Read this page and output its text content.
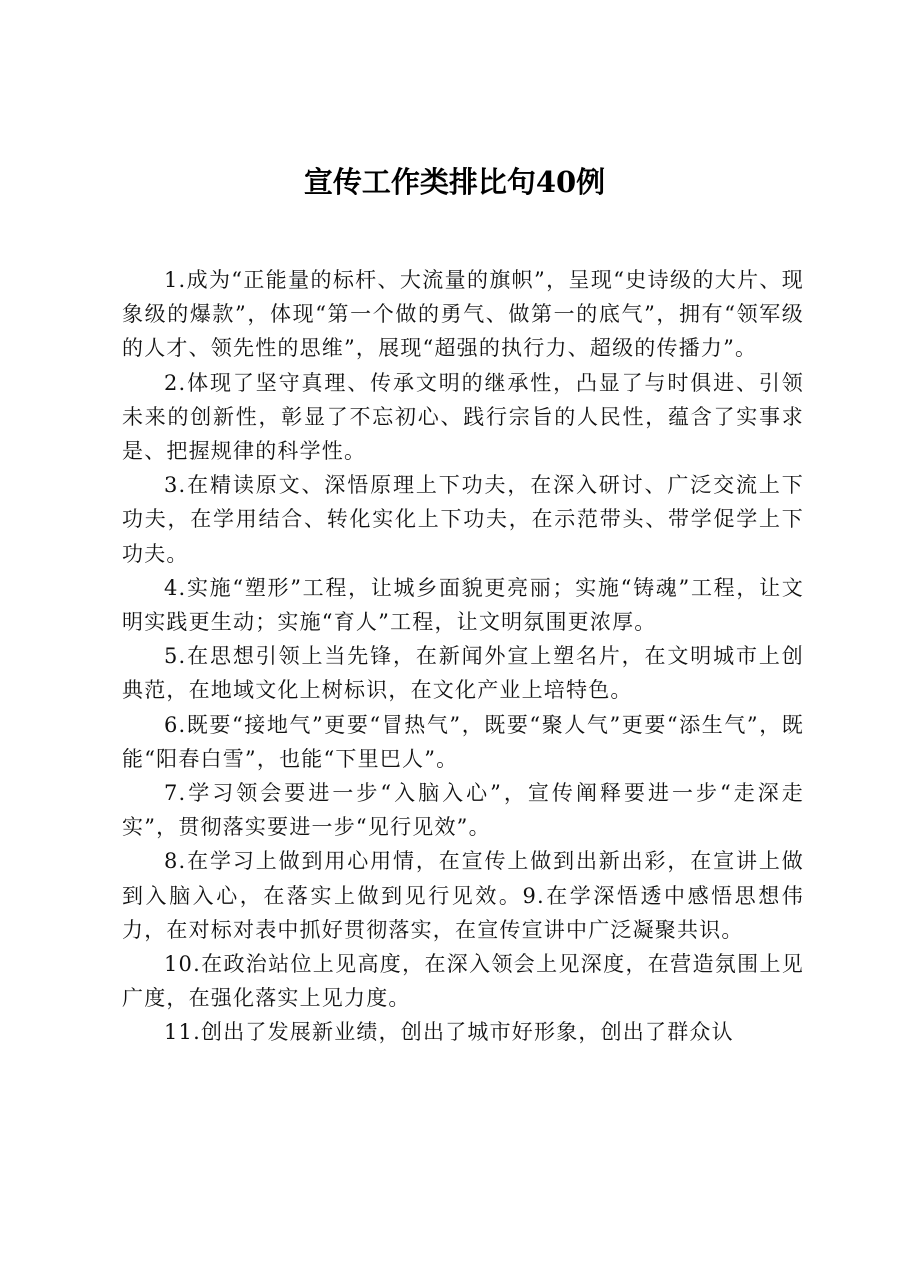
宣传工作类排比句40例

1.成为“正能量的标杆、大流量的旗帜”，呈现“史诗级的大片、现象级的爆款”，体现“第一个做的勇气、做第一的底气”，拥有“领军级的人才、领先性的思维”，展现“超强的执行力、超级的传播力”。

2.体现了坚守真理、传承文明的继承性，凸显了与时俱进、引领未来的创新性，彰显了不忘初心、践行宗旨的人民性，蕴含了实事求是、把握规律的科学性。

3.在精读原文、深悟原理上下功夫，在深入研讨、广泛交流上下功夫，在学用结合、转化实化上下功夫，在示范带头、带学促学上下功夫。

4.实施“塑形”工程，让城乡面貌更亮丽；实施“铸魂”工程，让文明实践更生动；实施“育人”工程，让文明氛围更浓厚。

5.在思想引领上当先锋，在新闻外宣上塑名片，在文明城市上创典范，在地域文化上树标识，在文化产业上培特色。

6.既要“接地气”更要“冒热气”，既要“聚人气”更要“添生气”，既能“阳春白雪”，也能“下里巴人”。

7.学习领会要进一步“入脑入心”，宣传阐释要进一步“走深走实”，贯彻落实要进一步“见行见效”。

8.在学习上做到用心用情，在宣传上做到出新出彩，在宣讲上做到入脑入心，在落实上做到见行见效。9.在学深悟透中感悟思想伟力，在对标对表中抓好贯彻落实，在宣传宣讲中广泛凝聚共识。

10.在政治站位上见高度，在深入领会上见深度，在营造氛围上见广度，在强化落实上见力度。

11.创出了发展新业绩，创出了城市好形象，创出了群众认
